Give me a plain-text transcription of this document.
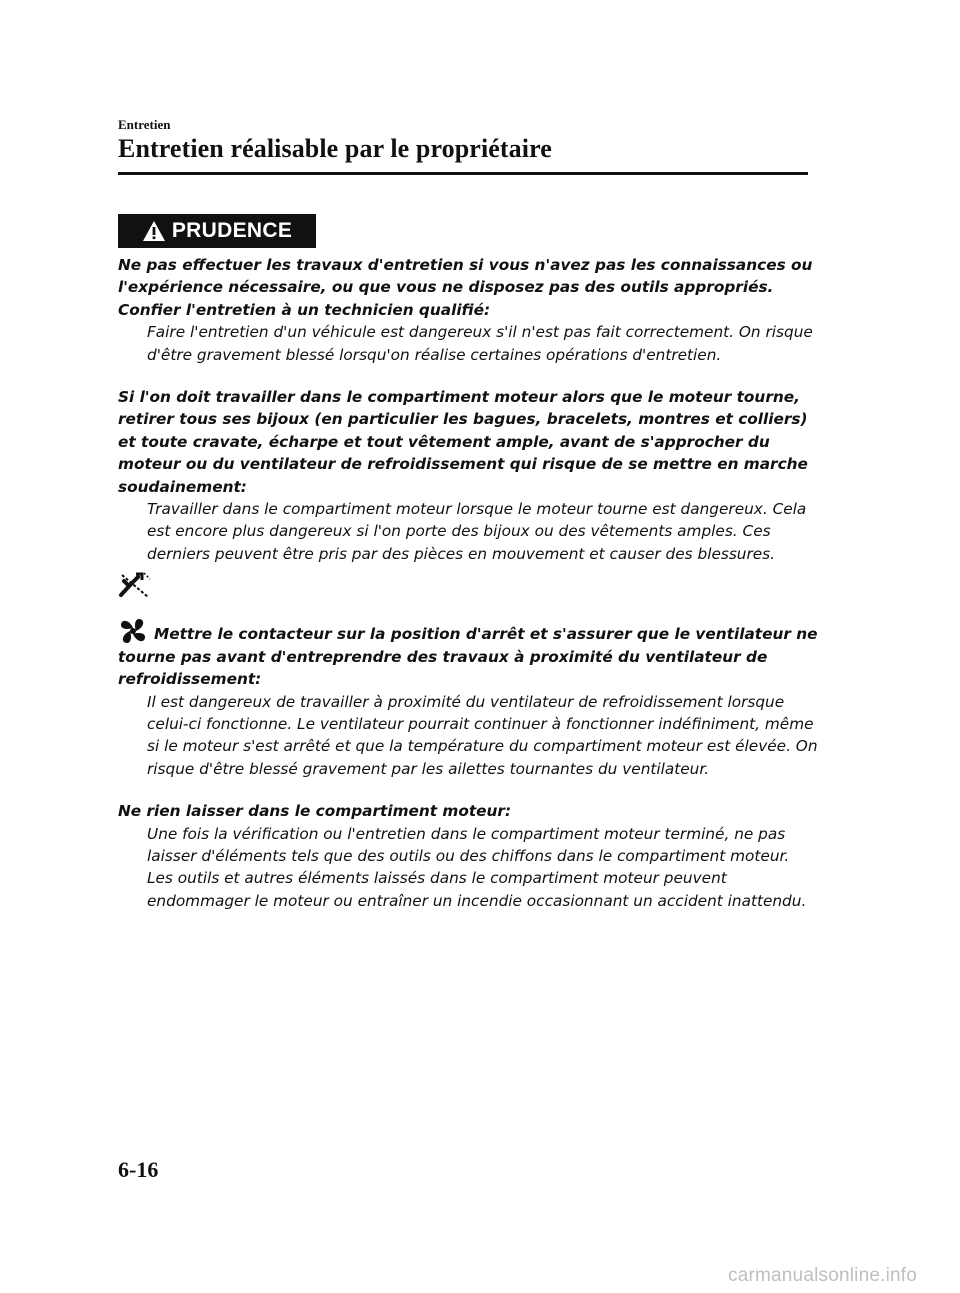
Entretien
Entretien réalisable par le propriétaire
PRUDENCE

Ne pas effectuer les travaux d'entretien si vous n'avez pas les connaissances ou l'expérience nécessaire, ou que vous ne disposez pas des outils appropriés. Confier l'entretien à un technicien qualifié:

Faire l'entretien d'un véhicule est dangereux s'il n'est pas fait correctement. On risque d'être gravement blessé lorsqu'on réalise certaines opérations d'entretien.

Si l'on doit travailler dans le compartiment moteur alors que le moteur tourne, retirer tous ses bijoux (en particulier les bagues, bracelets, montres et colliers) et toute cravate, écharpe et tout vêtement ample, avant de s'approcher du moteur ou du ventilateur de refroidissement qui risque de se mettre en marche soudainement:

Travailler dans le compartiment moteur lorsque le moteur tourne est dangereux. Cela est encore plus dangereux si l'on porte des bijoux ou des vêtements amples. Ces derniers peuvent être pris par des pièces en mouvement et causer des blessures.

Mettre le contacteur sur la position d'arrêt et s'assurer que le ventilateur ne tourne pas avant d'entreprendre des travaux à proximité du ventilateur de refroidissement:

Il est dangereux de travailler à proximité du ventilateur de refroidissement lorsque celui-ci fonctionne. Le ventilateur pourrait continuer à fonctionner indéfiniment, même si le moteur s'est arrêté et que la température du compartiment moteur est élevée. On risque d'être blessé gravement par les ailettes tournantes du ventilateur.

Ne rien laisser dans le compartiment moteur:

Une fois la vérification ou l'entretien dans le compartiment moteur terminé, ne pas laisser d'éléments tels que des outils ou des chiffons dans le compartiment moteur. Les outils et autres éléments laissés dans le compartiment moteur peuvent endommager le moteur ou entraîner un incendie occasionnant un accident inattendu.

6-16
carmanualsonline.info
